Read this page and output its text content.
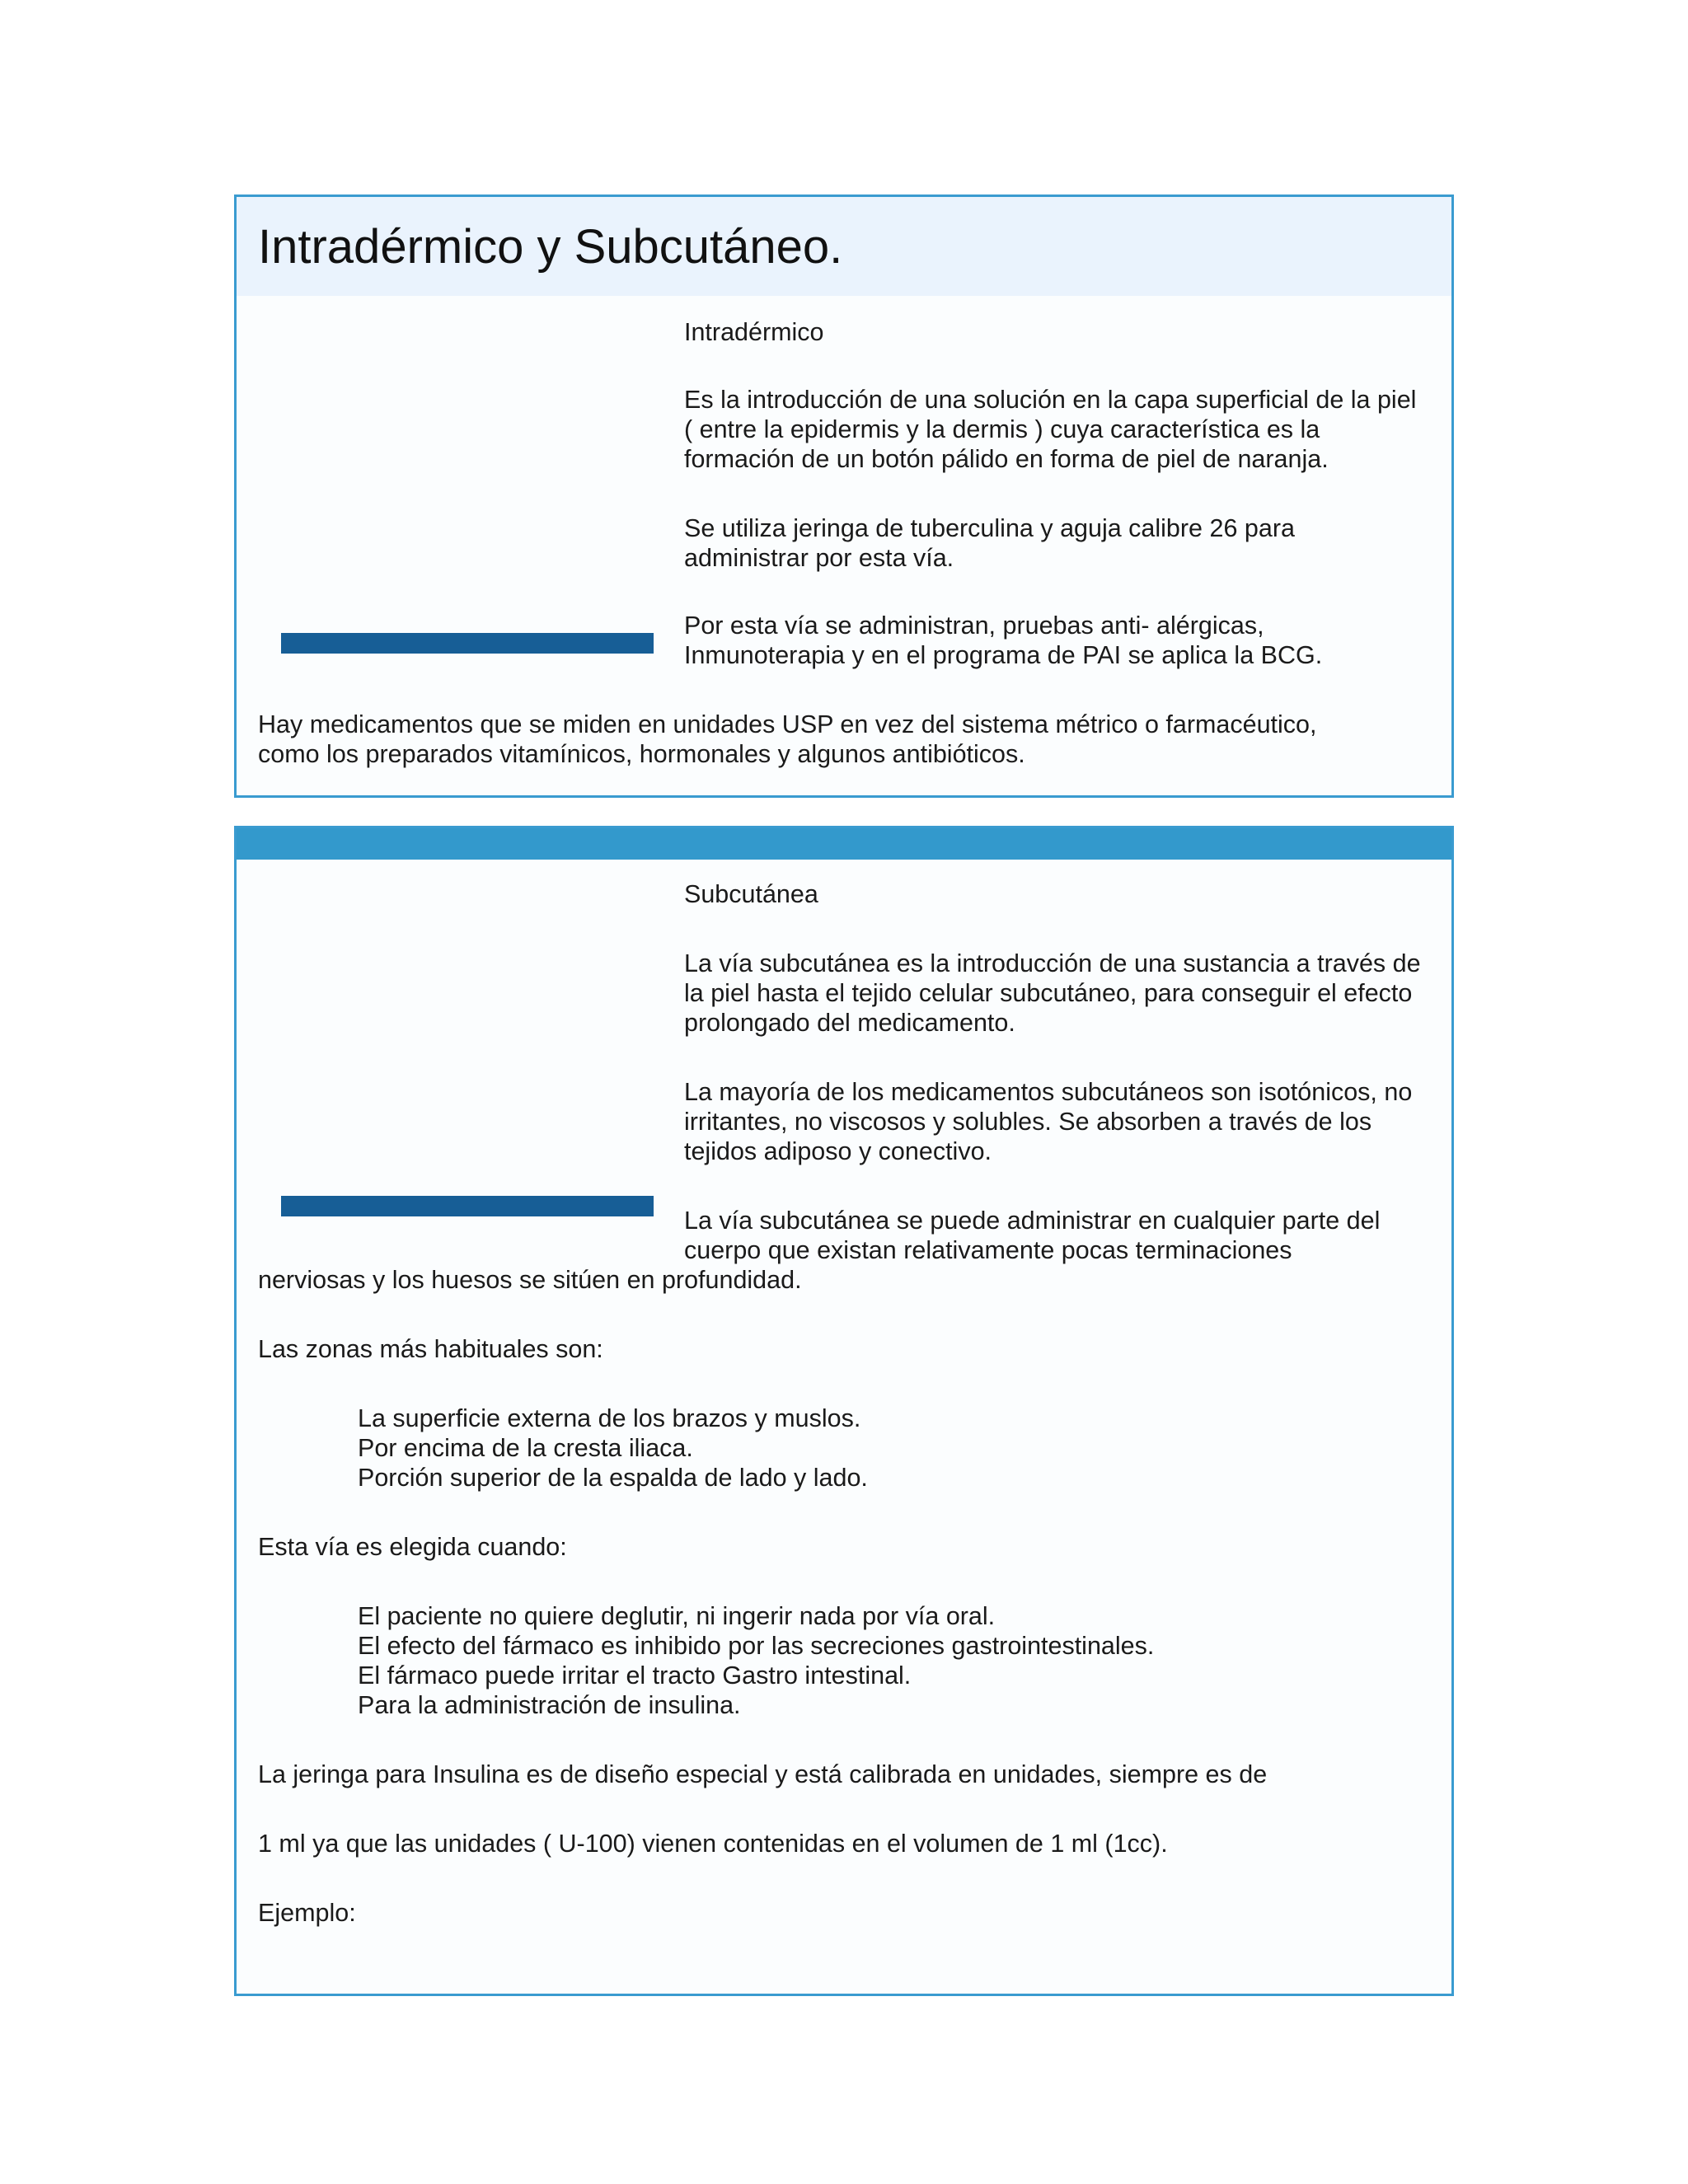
Intradérmico y Subcutáneo.

Intradérmico

Es la introducción de una solución en la capa superficial de la piel ( entre la epidermis y la dermis ) cuya característica es la formación de un botón pálido en forma de piel de naranja.

Se utiliza jeringa de tuberculina y aguja calibre 26 para administrar por esta vía.

Por esta vía se administran, pruebas anti- alérgicas, Inmunoterapia y en el programa de PAI se aplica la BCG.

Hay medicamentos que se miden en unidades USP en vez del sistema métrico o farmacéutico, como los preparados vitamínicos, hormonales y algunos antibióticos.

Subcutánea

La vía subcutánea es la introducción de una sustancia a través de la piel hasta el tejido celular subcutáneo, para conseguir el efecto prolongado del medicamento.

La mayoría de los medicamentos subcutáneos son isotónicos, no irritantes, no viscosos y solubles. Se absorben a través de los tejidos adiposo y conectivo.

La vía subcutánea se puede administrar en cualquier parte del
cuerpo que existan relativamente pocas terminaciones
nerviosas y los huesos se sitúen en profundidad.

Las zonas más habituales son:

La superficie externa de los brazos y muslos.
Por encima de la cresta iliaca.
Porción superior de la espalda de lado y lado.

Esta vía es elegida cuando:

El paciente no quiere deglutir, ni ingerir nada por vía oral.
El efecto del fármaco es inhibido por las secreciones gastrointestinales.
El fármaco puede irritar el tracto Gastro intestinal.
Para la administración de insulina.

La jeringa para Insulina es de diseño especial y está calibrada en unidades, siempre es de

1 ml ya que las unidades ( U-100) vienen contenidas en el volumen de 1 ml (1cc).

Ejemplo:
